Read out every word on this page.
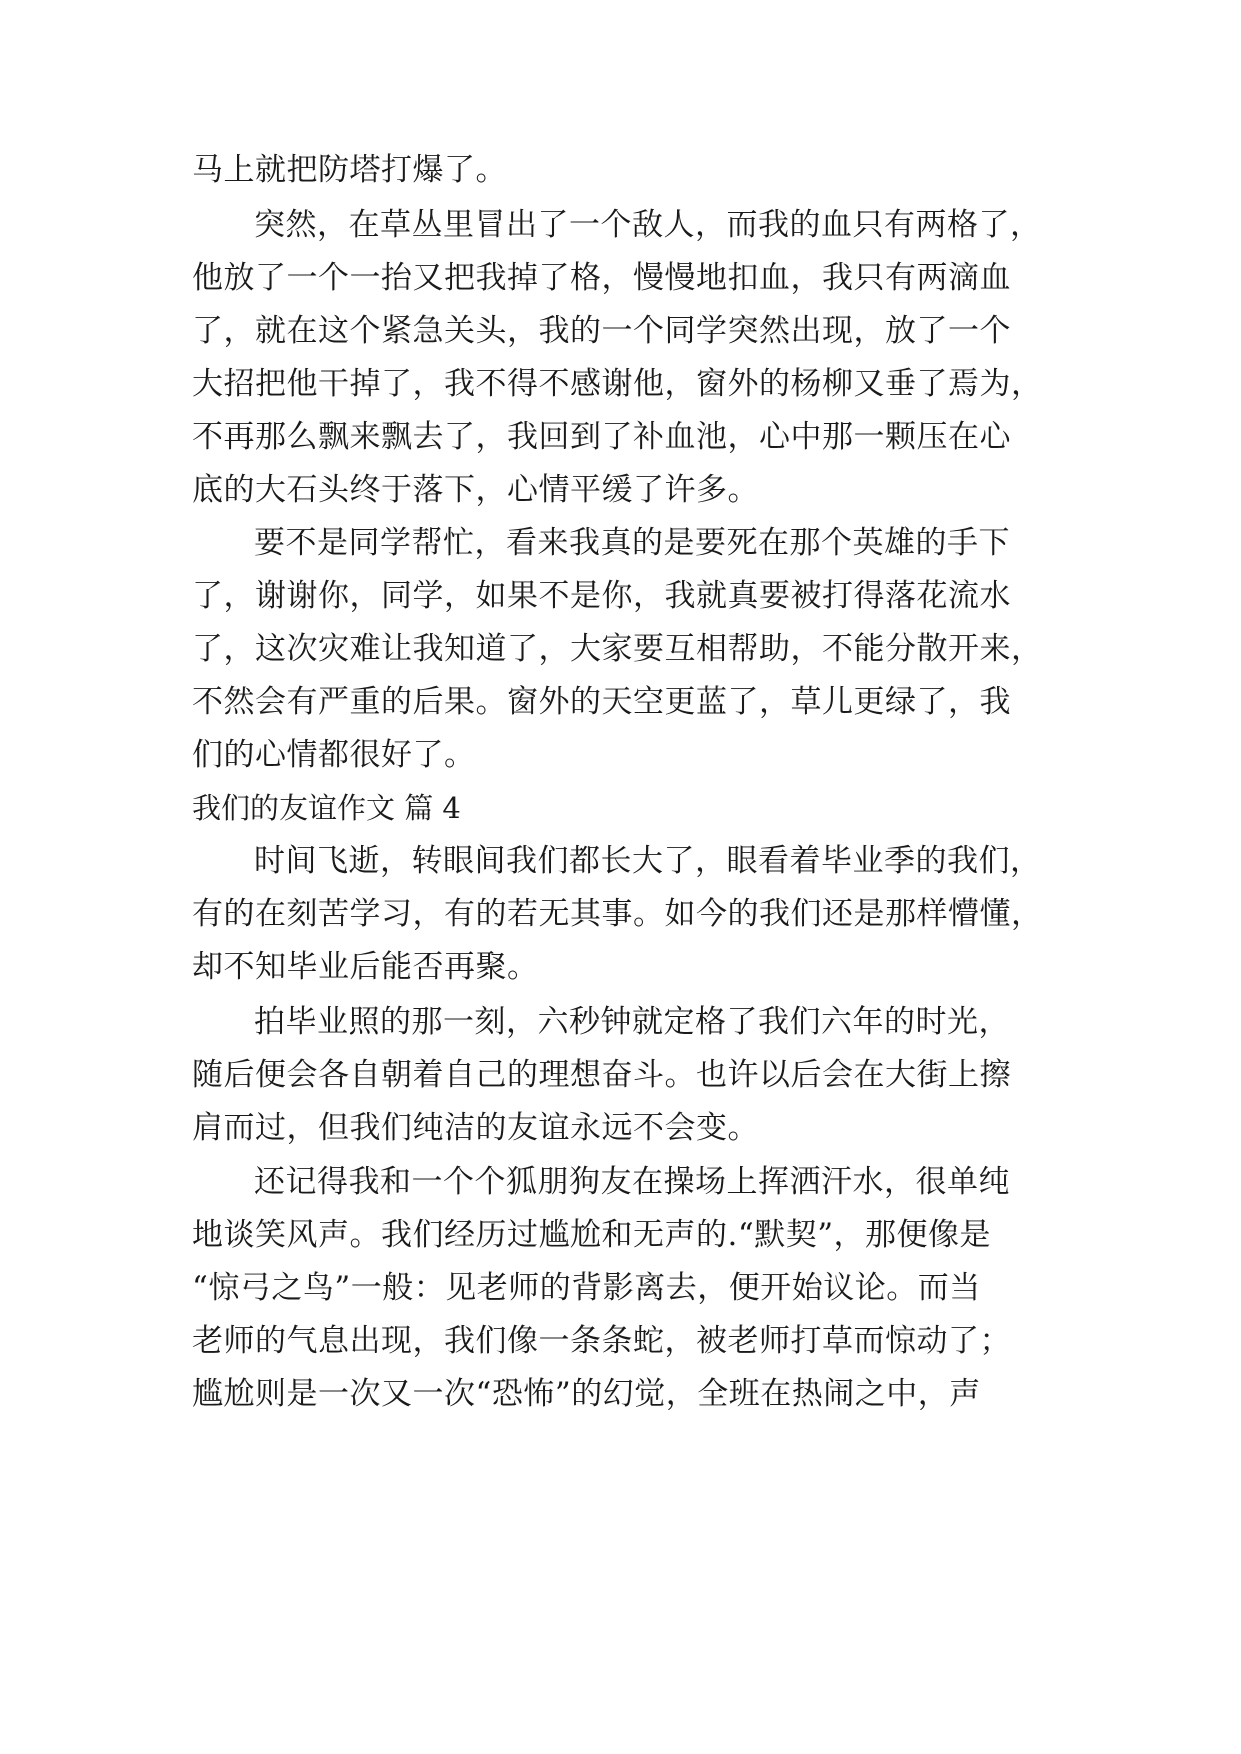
马上就把防塔打爆了。
突然，在草丛里冒出了一个敌人，而我的血只有两格了，
他放了一个一抬又把我掉了格，慢慢地扣血，我只有两滴血
了，就在这个紧急关头，我的一个同学突然出现，放了一个
大招把他干掉了，我不得不感谢他，窗外的杨柳又垂了焉为，
不再那么飘来飘去了，我回到了补血池，心中那一颗压在心
底的大石头终于落下，心情平缓了许多。
要不是同学帮忙，看来我真的是要死在那个英雄的手下
了，谢谢你，同学，如果不是你，我就真要被打得落花流水
了，这次灾难让我知道了，大家要互相帮助，不能分散开来，
不然会有严重的后果。窗外的天空更蓝了，草儿更绿了，我
们的心情都很好了。
我们的友谊作文 篇 4
时间飞逝，转眼间我们都长大了，眼看着毕业季的我们，
有的在刻苦学习，有的若无其事。如今的我们还是那样懵懂，
却不知毕业后能否再聚。
拍毕业照的那一刻，六秒钟就定格了我们六年的时光，
随后便会各自朝着自己的理想奋斗。也许以后会在大街上擦
肩而过，但我们纯洁的友谊永远不会变。
还记得我和一个个狐朋狗友在操场上挥洒汗水，很单纯
地谈笑风声。我们经历过尴尬和无声的.“默契”，那便像是
“惊弓之鸟”一般：见老师的背影离去，便开始议论。而当
老师的气息出现，我们像一条条蛇，被老师打草而惊动了；
尴尬则是一次又一次“恐怖”的幻觉，全班在热闹之中，声
